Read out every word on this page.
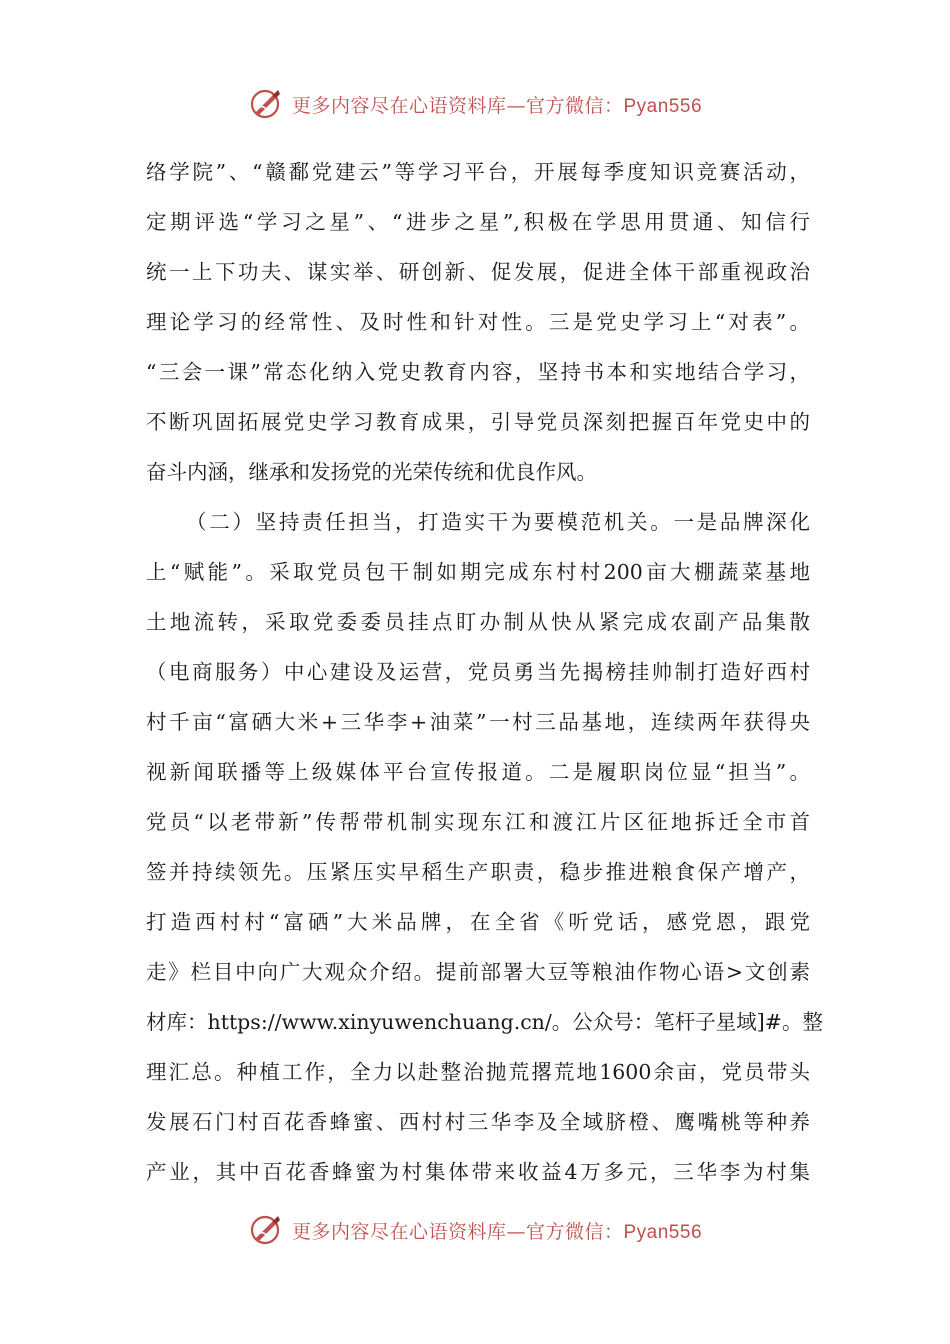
更多内容尽在心语资料库—官方微信：Pyan556
络学院”、“赣鄱党建云”等学习平台，开展每季度知识竞赛活动，
定期评选“学习之星”、“进步之星”,积极在学思用贯通、知信行
统一上下功夫、谋实举、研创新、促发展，促进全体干部重视政治
理论学习的经常性、及时性和针对性。三是党史学习上“对表”。
“三会一课”常态化纳入党史教育内容，坚持书本和实地结合学习，
不断巩固拓展党史学习教育成果，引导党员深刻把握百年党史中的
奋斗内涵，继承和发扬党的光荣传统和优良作风。
（二）坚持责任担当，打造实干为要模范机关。一是品牌深化
上“赋能”。采取党员包干制如期完成东村村200亩大棚蔬菜基地
土地流转，采取党委委员挂点盯办制从快从紧完成农副产品集散
（电商服务）中心建设及运营，党员勇当先揭榜挂帅制打造好西村
村千亩“富硒大米+三华李+油菜”一村三品基地，连续两年获得央
视新闻联播等上级媒体平台宣传报道。二是履职岗位显“担当”。
党员“以老带新”传帮带机制实现东江和渡江片区征地拆迁全市首
签并持续领先。压紧压实早稻生产职责，稳步推进粮食保产增产，
打造西村村“富硒”大米品牌，在全省《听党话，感党恩，跟党
走》栏目中向广大观众介绍。提前部署大豆等粮油作物心语>文创素
材库：https://www.xinyuwenchuang.cn/。公众号：笔杆子星域]#。整
理汇总。种植工作，全力以赴整治抛荒撂荒地1600余亩，党员带头
发展石门村百花香蜂蜜、西村村三华李及全域脐橙、鹰嘴桃等种养
产业，其中百花香蜂蜜为村集体带来收益4万多元，三华李为村集
更多内容尽在心语资料库—官方微信：Pyan556
